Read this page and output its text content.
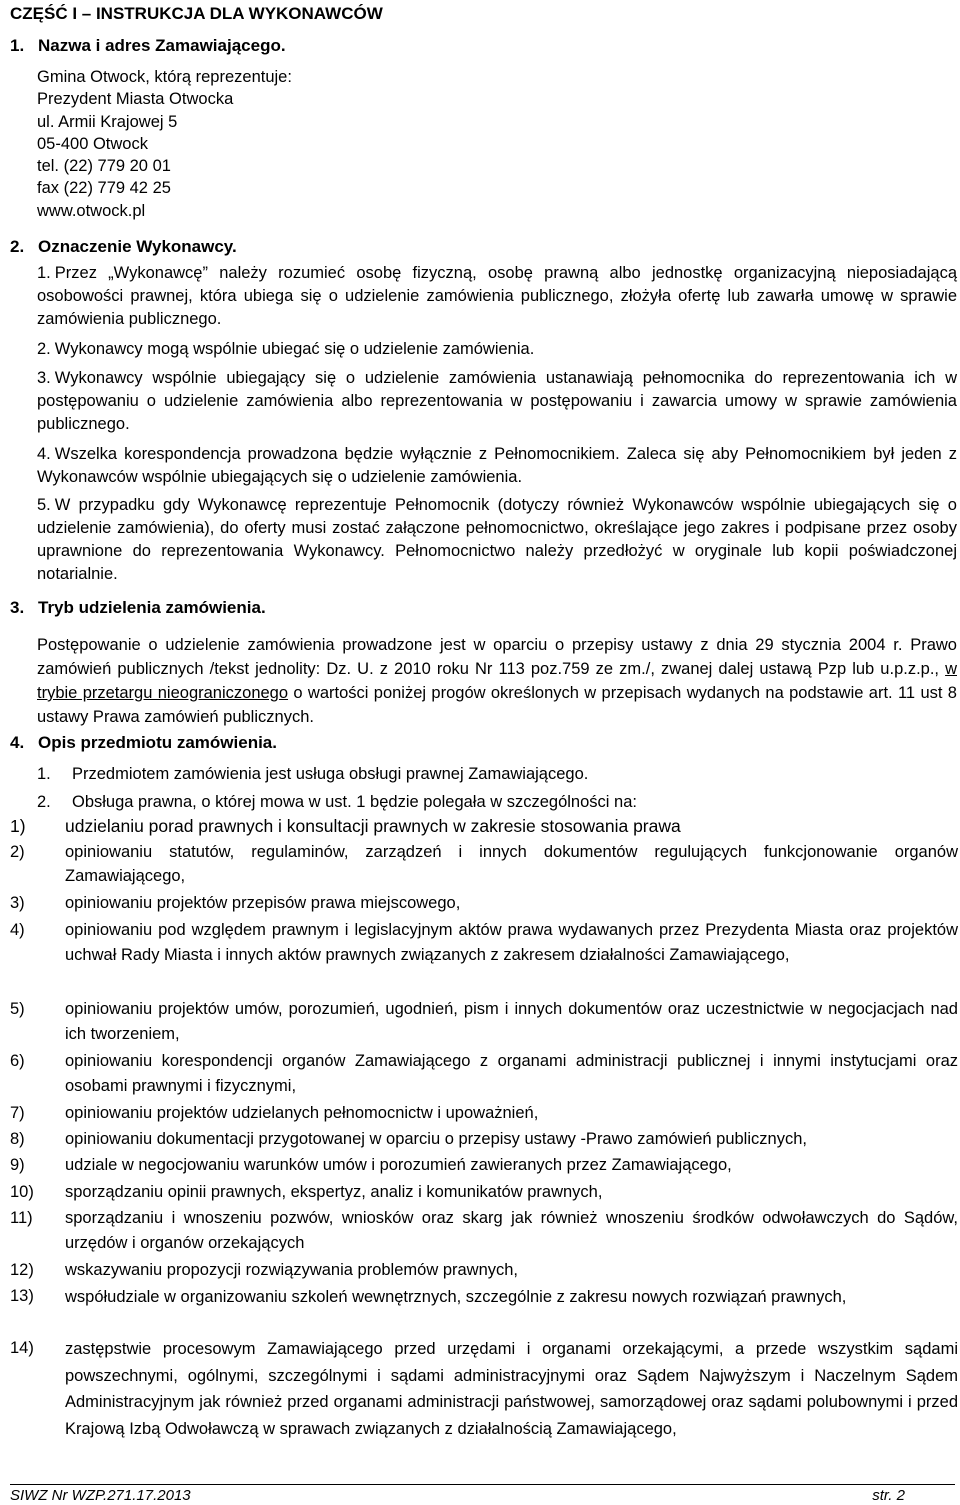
CZĘŚĆ I – INSTRUKCJA DLA WYKONAWCÓW
1. Nazwa i adres Zamawiającego.
Gmina Otwock, którą reprezentuje:
Prezydent Miasta Otwocka
ul. Armii Krajowej 5
05-400 Otwock
tel. (22) 779 20 01
fax (22) 779 42 25
www.otwock.pl
2. Oznaczenie Wykonawcy.

1. Przez „Wykonawcę” należy rozumieć osobę fizyczną, osobę prawną albo jednostkę organizacyjną nieposiadającą osobowości prawnej, która ubiega się o udzielenie zamówienia publicznego, złożyła ofertę lub zawarła umowę w sprawie zamówienia publicznego.

2. Wykonawcy mogą wspólnie ubiegać się o udzielenie zamówienia.

3. Wykonawcy wspólnie ubiegający się o udzielenie zamówienia ustanawiają pełnomocnika do reprezentowania ich w postępowaniu o udzielenie zamówienia albo reprezentowania w postępowaniu i zawarcia umowy w sprawie zamówienia publicznego.

4. Wszelka korespondencja prowadzona będzie wyłącznie z Pełnomocnikiem. Zaleca się aby Pełnomocnikiem był jeden z Wykonawców wspólnie ubiegających się o udzielenie zamówienia.

5. W przypadku gdy Wykonawcę reprezentuje Pełnomocnik (dotyczy również Wykonawców wspólnie ubiegających się o udzielenie zamówienia), do oferty musi zostać załączone pełnomocnictwo, określające jego zakres i podpisane przez osoby uprawnione do reprezentowania Wykonawcy. Pełnomocnictwo należy przedłożyć w oryginale lub kopii poświadczonej notarialnie.

3. Tryb udzielenia zamówienia.

Postępowanie o udzielenie zamówienia prowadzone jest w oparciu o przepisy ustawy z dnia 29 stycznia 2004 r. Prawo zamówień publicznych /tekst jednolity: Dz. U. z 2010 roku Nr 113 poz.759 ze zm./, zwanej dalej ustawą Pzp lub u.p.z.p., w trybie przetargu nieograniczonego o wartości poniżej progów określonych w przepisach wydanych na podstawie art. 11 ust 8 ustawy Prawa zamówień publicznych.

4. Opis przedmiotu zamówienia.
1. Przedmiotem zamówienia jest usługa obsługi prawnej Zamawiającego.
2. Obsługa prawna, o której mowa w ust. 1 będzie polegała w szczególności na:
1)	udzielaniu porad prawnych i konsultacji prawnych w zakresie stosowania prawa
2)	opiniowaniu statutów, regulaminów, zarządzeń i innych dokumentów regulujących funkcjonowanie organów Zamawiającego,
3)	opiniowaniu projektów przepisów prawa miejscowego,
4)	opiniowaniu pod względem prawnym i legislacyjnym aktów prawa wydawanych przez Prezydenta Miasta oraz projektów uchwał Rady Miasta i innych aktów prawnych związanych z zakresem działalności Zamawiającego,
5)	opiniowaniu projektów umów, porozumień, ugodnień, pism i innych dokumentów oraz uczestnictwie w negocjacjach nad ich tworzeniem,
6)	opiniowaniu korespondencji organów Zamawiającego z organami administracji publicznej i innymi instytucjami oraz osobami prawnymi i fizycznymi,
7)	opiniowaniu projektów udzielanych pełnomocnictw i upoważnień,
8)	opiniowaniu dokumentacji przygotowanej w oparciu o przepisy ustawy -Prawo zamówień publicznych,
9)	udziale w negocjowaniu warunków umów i porozumień zawieranych przez Zamawiającego,
10)	sporządzaniu opinii prawnych, ekspertyz, analiz i komunikatów prawnych,
11)	sporządzaniu i wnoszeniu pozwów, wniosków oraz skarg jak również wnoszeniu środków odwoławczych do Sądów, urzędów i organów orzekających
12)	wskazywaniu propozycji rozwiązywania problemów prawnych,
13)	współudziale w organizowaniu szkoleń wewnętrznych, szczególnie z zakresu nowych rozwiązań prawnych,
14)	zastępstwie procesowym Zamawiającego przed urzędami i organami orzekającymi, a przede wszystkim sądami powszechnymi, ogólnymi, szczególnymi i sądami administracyjnymi oraz Sądem Najwyższym i Naczelnym Sądem Administracyjnym jak również przed organami administracji państwowej, samorządowej oraz sądami polubownymi i przed Krajową Izbą Odwoławczą w sprawach związanych z działalnością Zamawiającego,
SIWZ Nr WZP.271.17.2013	str. 2
